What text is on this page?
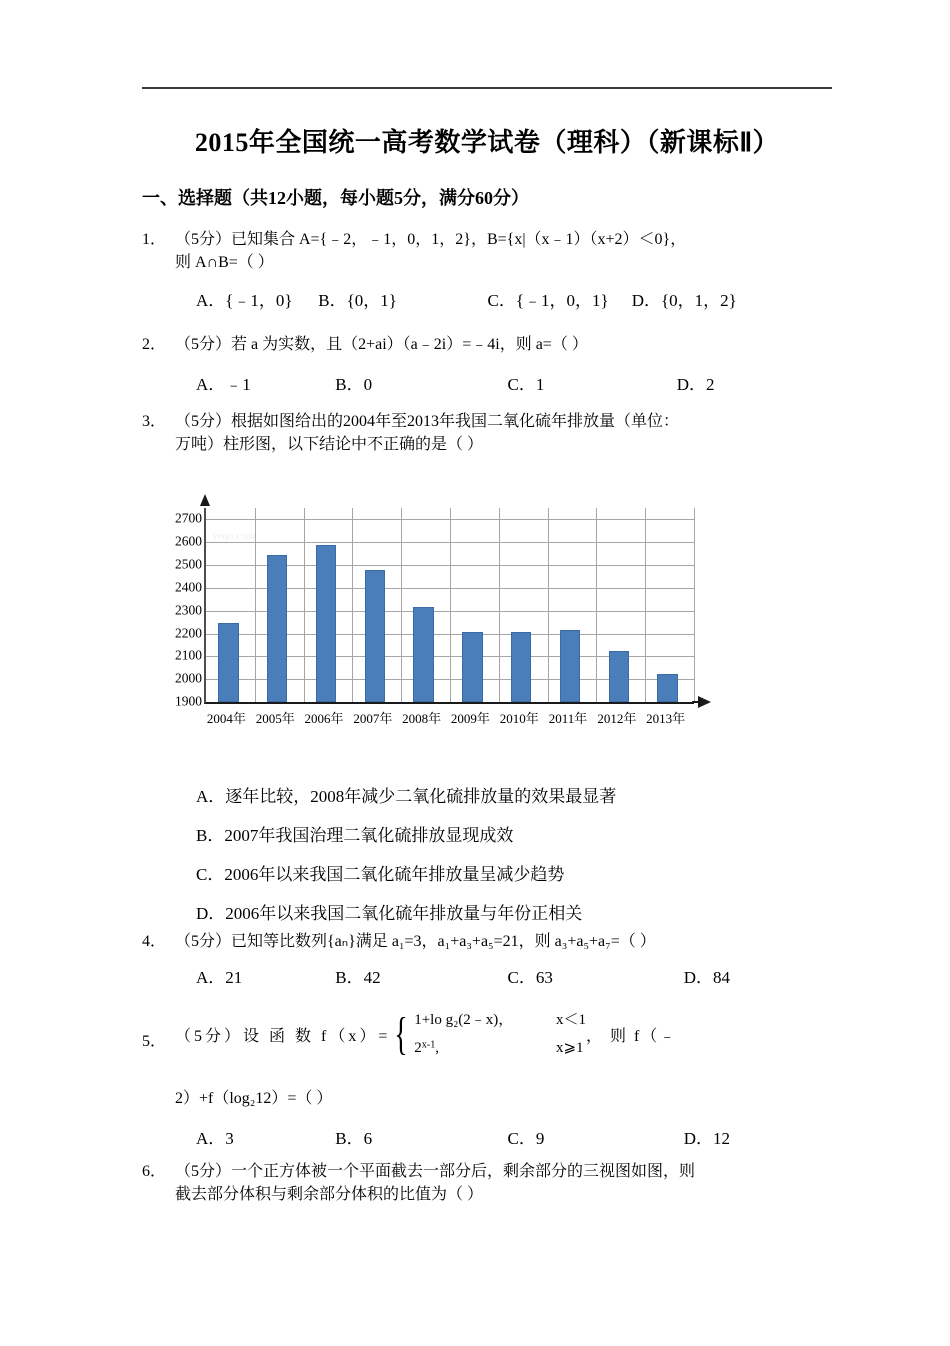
2015年全国统一高考数学试卷（理科）（新课标Ⅱ）
一、选择题（共12小题，每小题5分，满分60分）
1． （5分）已知集合 A={﹣2，﹣1，0，1，2}，B={x|（x﹣1）（x+2）＜0}，
则 A∩B=（ ）
A．{﹣1，0} B．{0，1}	C．{﹣1，0，1} D．{0，1，2}
2． （5分）若 a 为实数，且（2+ai）（a﹣2i）=﹣4i，则 a=（ ）
A．﹣1	B．0	C．1	D．2
3． （5分）根据如图给出的2004年至2013年我国二氧化硫年排放量（单位：
万吨）柱形图，以下结论中不正确的是（ ）
2700
2600
2500
2400
2300
2200
2100
2000
1900
yeqo.com
2004年 2005年 2006年 2007年 2008年 2009年 2010年 2011年 2012年 2013年
A．逐年比较，2008年减少二氧化硫排放量的效果最显著
B．2007年我国治理二氧化硫排放显现成效
C．2006年以来我国二氧化硫年排放量呈减少趋势
D．2006年以来我国二氧化硫年排放量与年份正相关
4． （5分）已知等比数列{aₙ}满足 a₁=3，a₁+a₃+a₅=21，则 a₃+a₅+a₇=（ ）
A．21	B．42	C．63	D．84
5． （5分）设 函 数 f（x）= { 1+lo g₂(2﹣x)，	x＜1
2$^{x-1}$,	x⩾1
， 则 f（﹣
2）+f（log₂12）=（ ）
A．3	B．6	C．9	D．12
6． （5分）一个正方体被一个平面截去一部分后，剩余部分的三视图如图，则
截去部分体积与剩余部分体积的比值为（ ）
